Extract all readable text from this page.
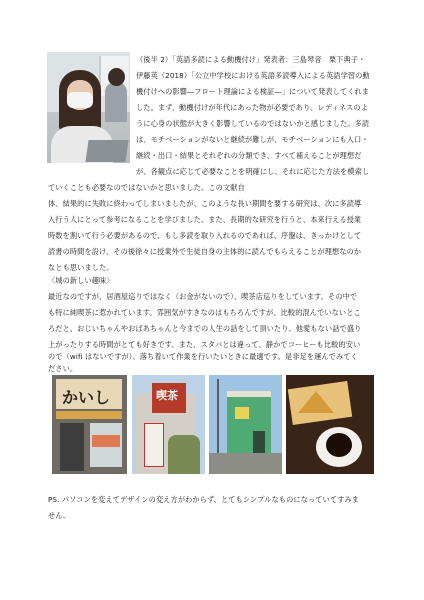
（後半 2）「英語多読による動機付け」発表者：三島琴音　栗下典子・

伊藤英（2018）「公立中学校における英語多読導入による英語学習の動

機付けへの影響―フロート理論による検証―」について発表してくれま

した。まず、動機付けが年代にあった物が必要であり、レディネスのよ

うに心身の状態が大きく影響しているのではないかと感じました。多読

は、モチベーションがないと継続が難しが、モチベーションにも入口・

継続・出口・結果とそれぞれの分類でき、すべて補えることが理想だ

が、各観点に応じて必要なことを明確にし、それに応じた方法を模索し

ていくことも必要なのではないかと思いました。この文献自

体、結果的に失敗に終わってしまいましたが、このような長い期間を要する研究は、次に多読導

入行う人にとって参考になることを学びました。また、長期的な研究を行うと、本来行える授業

時数を割いて行う必要があるので、もし多読を取り入れるのであれば、序盤は、きっかけとして

読書の時間を設け、その後徐々に授業外で生徒自身の主体的に読んでもらえることが理想なのか

なとも思いました。

〈城の新しい趣味〉

最近なのですが、居酒屋巡りではなく（お金がないので）、喫茶店巡りをしています。その中で

も特に純喫茶に惹かれています。雰囲気がすきなのはもちろんですが、比較的混んでいないとこ

ろだと、おじいちゃんやおばあちゃんと今までの人生の話をして頂いたり、他愛もない話で盛り

上がったりする時間がとても好きです。また、スタバとは違って、静かでコーヒーも比較的安い

かいし	喫茶

PS. パソコンを変えてデザインの変え方がわからず、とてもシンプルなものになっていてすみま

せん。

ので（wifi はないですが）、落ち着いて作業を行いたいときに最適です。是非足を運んでみてく

ださい。
